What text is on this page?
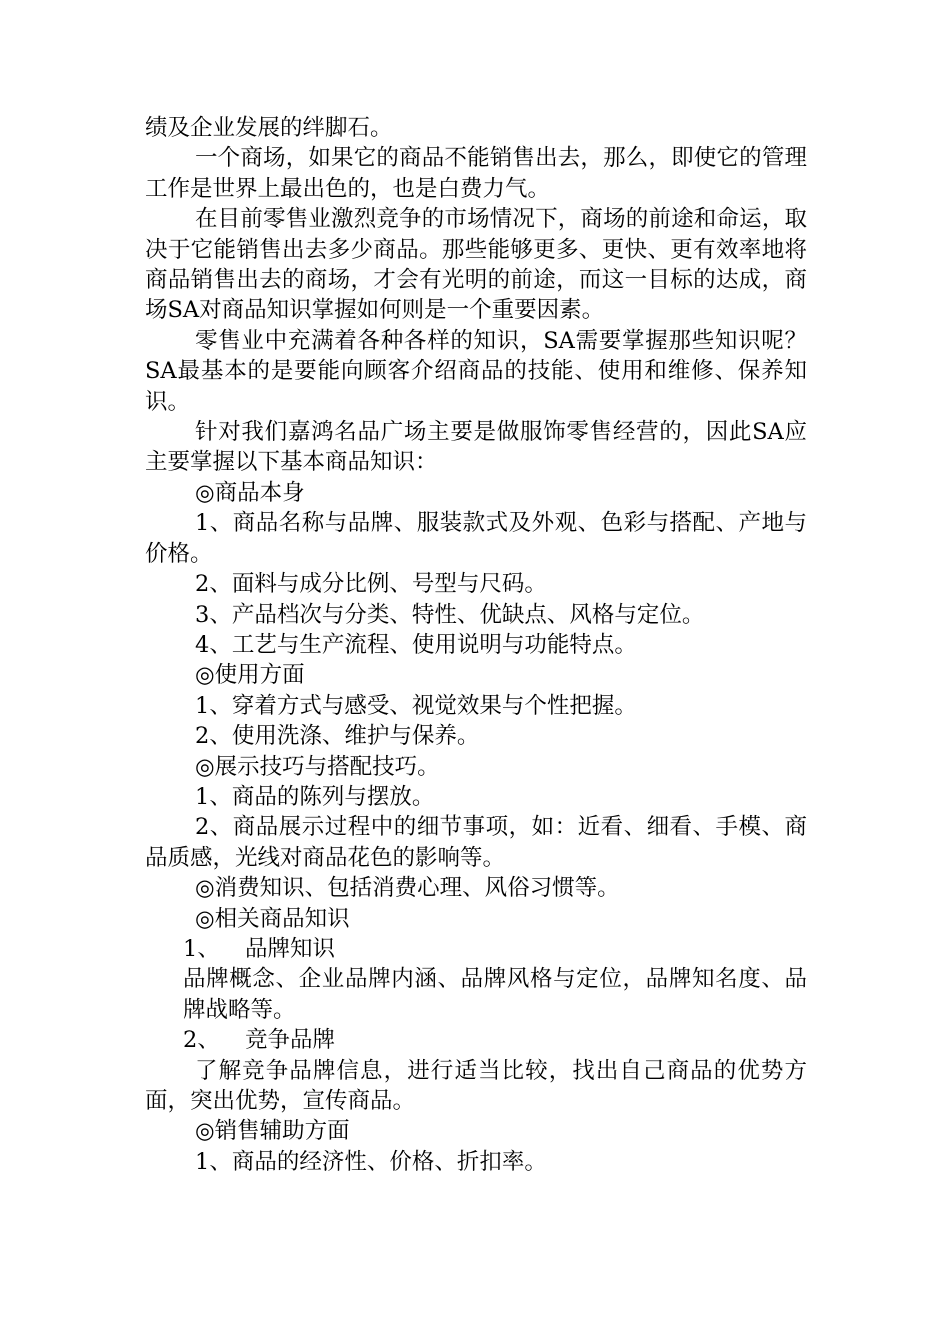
绩及企业发展的绊脚石。

一个商场，如果它的商品不能销售出去，那么，即使它的管理工作是世界上最出色的，也是白费力气。

在目前零售业激烈竞争的市场情况下，商场的前途和命运，取决于它能销售出去多少商品。那些能够更多、更快、更有效率地将商品销售出去的商场，才会有光明的前途，而这一目标的达成，商场SA对商品知识掌握如何则是一个重要因素。

零售业中充满着各种各样的知识，SA需要掌握那些知识呢？SA最基本的是要能向顾客介绍商品的技能、使用和维修、保养知识。

针对我们嘉鸿名品广场主要是做服饰零售经营的，因此SA应主要掌握以下基本商品知识：

◎商品本身

1、商品名称与品牌、服装款式及外观、色彩与搭配、产地与价格。

2、面料与成分比例、号型与尺码。

3、产品档次与分类、特性、优缺点、风格与定位。

4、工艺与生产流程、使用说明与功能特点。

◎使用方面

1、穿着方式与感受、视觉效果与个性把握。

2、使用洗涤、维护与保养。

◎展示技巧与搭配技巧。

1、商品的陈列与摆放。

2、商品展示过程中的细节事项，如：近看、细看、手模、商品质感，光线对商品花色的影响等。

◎消费知识、包括消费心理、风俗习惯等。

◎相关商品知识

1、 品牌知识

品牌概念、企业品牌内涵、品牌风格与定位，品牌知名度、品牌战略等。

2、 竞争品牌

了解竞争品牌信息，进行适当比较，找出自己商品的优势方面，突出优势，宣传商品。

◎销售辅助方面

1、商品的经济性、价格、折扣率。
